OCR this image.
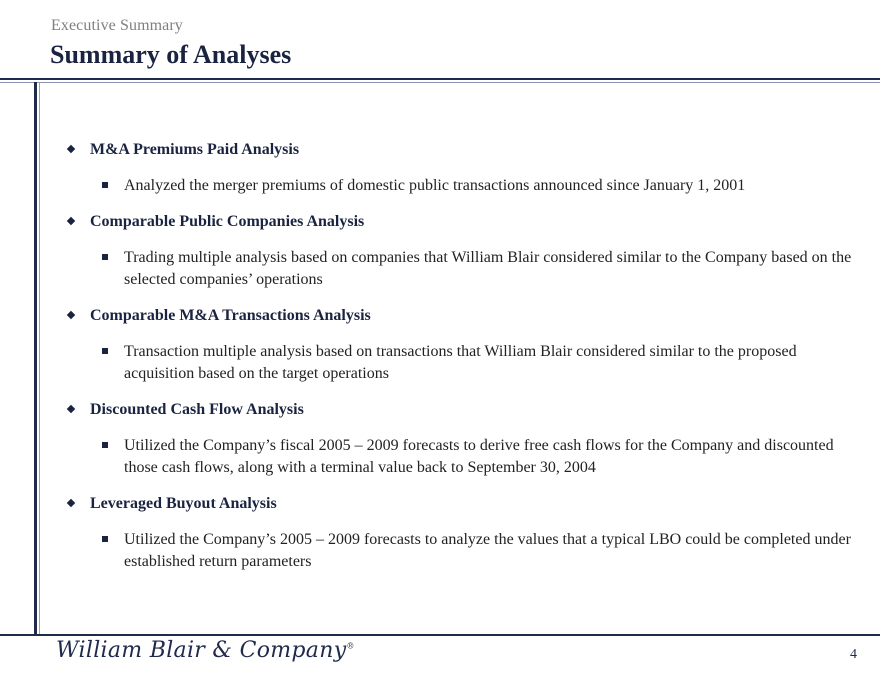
Executive Summary
Summary of Analyses
M&A Premiums Paid Analysis
Analyzed the merger premiums of domestic public transactions announced since January 1, 2001
Comparable Public Companies Analysis
Trading multiple analysis based on companies that William Blair considered similar to the Company based on the selected companies’ operations
Comparable M&A Transactions Analysis
Transaction multiple analysis based on transactions that William Blair considered similar to the proposed acquisition based on the target operations
Discounted Cash Flow Analysis
Utilized the Company’s fiscal 2005 – 2009 forecasts to derive free cash flows for the Company and discounted those cash flows, along with a terminal value back to September 30, 2004
Leveraged Buyout Analysis
Utilized the Company’s 2005 – 2009 forecasts to analyze the values that a typical LBO could be completed under established return parameters
William Blair & Company®
4
